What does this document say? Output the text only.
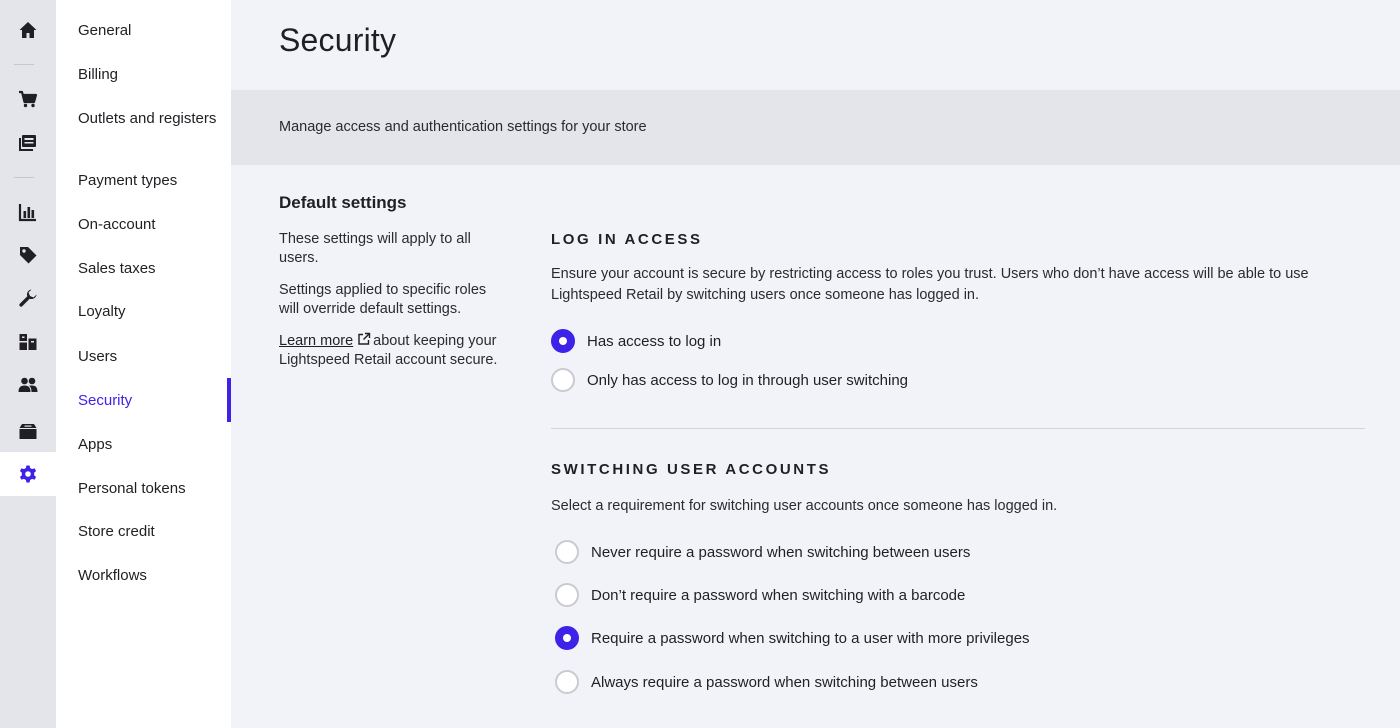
General
Billing
Outlets and registers
Payment types
On-account
Sales taxes
Loyalty
Users
Security
Apps
Personal tokens
Store credit
Workflows
Security
Manage access and authentication settings for your store
Default settings

These settings will apply to all users.

Settings applied to specific roles will override default settings.

Learn more about keeping your Lightspeed Retail account secure.

LOG IN ACCESS

Ensure your account is secure by restricting access to roles you trust. Users who don’t have access will be able to use Lightspeed Retail by switching users once someone has logged in.

Has access to log in
Only has access to log in through user switching
SWITCHING USER ACCOUNTS

Select a requirement for switching user accounts once someone has logged in.

Never require a password when switching between users
Don’t require a password when switching with a barcode
Require a password when switching to a user with more privileges
Always require a password when switching between users
